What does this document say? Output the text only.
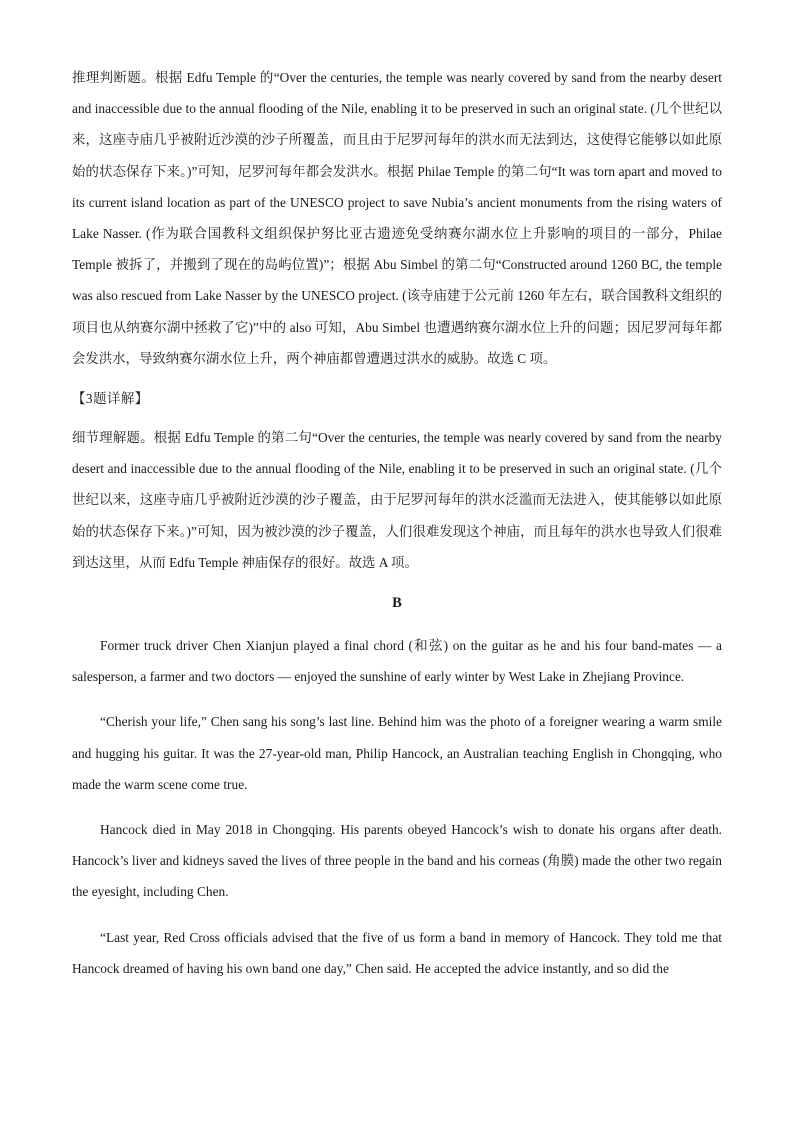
推理判断题。根据 Edfu Temple 的“Over the centuries, the temple was nearly covered by sand from the nearby desert and inaccessible due to the annual flooding of the Nile, enabling it to be preserved in such an original state. (几个世纪以来，这座寺庙几乎被附近沙漠的沙子所覆盖，而且由于尼罗河每年的洪水而无法到达，这使得它能够以如此原始的状态保存下来。)”可知，尼罗河每年都会发洪水。根据 Philae Temple 的第二句“It was torn apart and moved to its current island location as part of the UNESCO project to save Nubia’s ancient monuments from the rising waters of Lake Nasser. (作为联合国教科文组织保护努比亚古遗迹免受纳赛尔湖水位上升影响的项目的一部分，Philae Temple 被拆了，并搬到了现在的岛屿位置)”；根据 Abu Simbel 的第二句“Constructed around 1260 BC, the temple was also rescued from Lake Nasser by the UNESCO project. (该寺庙建于公元前 1260 年左右，联合国教科文组织的项目也从纳赛尔湖中拯救了它)”中的 also 可知，Abu Simbel 也遭遇纳赛尔湖水位上升的问题；因尼罗河每年都会发洪水，导致纳赛尔湖水位上升，两个神庙都曾遭遇过洪水的威胁。故选 C 项。

【3题详解】

细节理解题。根据 Edfu Temple 的第二句“Over the centuries, the temple was nearly covered by sand from the nearby desert and inaccessible due to the annual flooding of the Nile, enabling it to be preserved in such an original state. (几个世纪以来，这座寺庙几乎被附近沙漠的沙子覆盖，由于尼罗河每年的洪水泛滥而无法进入，使其能够以如此原始的状态保存下来。)”可知，因为被沙漠的沙子覆盖，人们很难发现这个神庙，而且每年的洪水也导致人们很难到达这里，从而 Edfu Temple 神庙保存的很好。故选 A 项。

B

Former truck driver Chen Xianjun played a final chord (和弦) on the guitar as he and his four band-mates — a salesperson, a farmer and two doctors — enjoyed the sunshine of early winter by West Lake in Zhejiang Province.

“Cherish your life,” Chen sang his song’s last line. Behind him was the photo of a foreigner wearing a warm smile and hugging his guitar. It was the 27-year-old man, Philip Hancock, an Australian teaching English in Chongqing, who made the warm scene come true.

Hancock died in May 2018 in Chongqing. His parents obeyed Hancock’s wish to donate his organs after death. Hancock’s liver and kidneys saved the lives of three people in the band and his corneas (角膜) made the other two regain the eyesight, including Chen.

“Last year, Red Cross officials advised that the five of us form a band in memory of Hancock. They told me that Hancock dreamed of having his own band one day,” Chen said. He accepted the advice instantly, and so did the
